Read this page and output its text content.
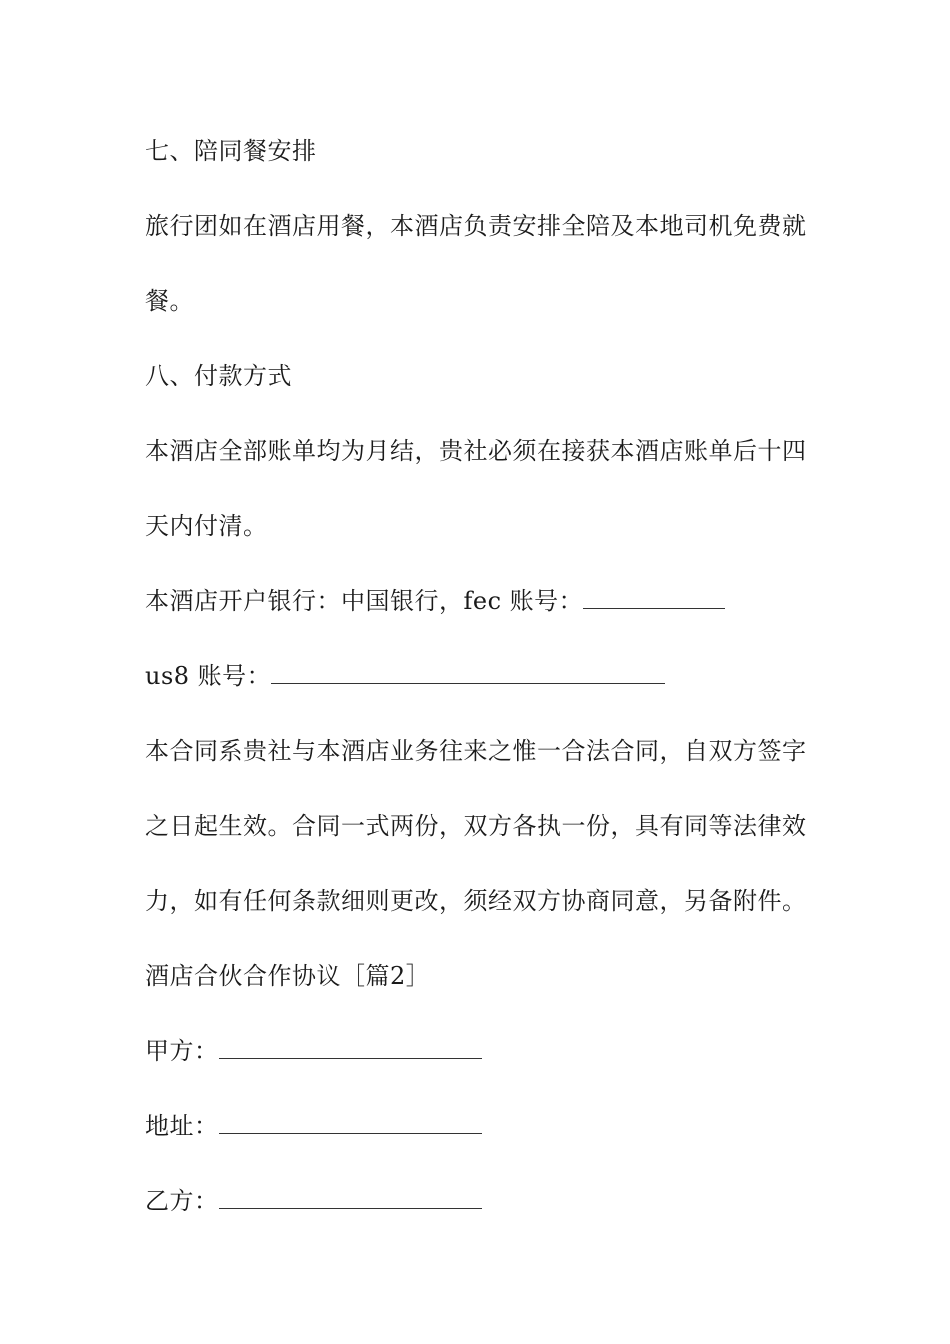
七、陪同餐安排
旅行团如在酒店用餐，本酒店负责安排全陪及本地司机免费就
餐。
八、付款方式
本酒店全部账单均为月结，贵社必须在接获本酒店账单后十四
天内付清。
本酒店开户银行：中国银行，fec 账号：
us8 账号：
本合同系贵社与本酒店业务往来之惟一合法合同，自双方签字
之日起生效。合同一式两份，双方各执一份，具有同等法律效
力，如有任何条款细则更改，须经双方协商同意，另备附件。
酒店合伙合作协议［篇2］
甲方：
地址：
乙方：
